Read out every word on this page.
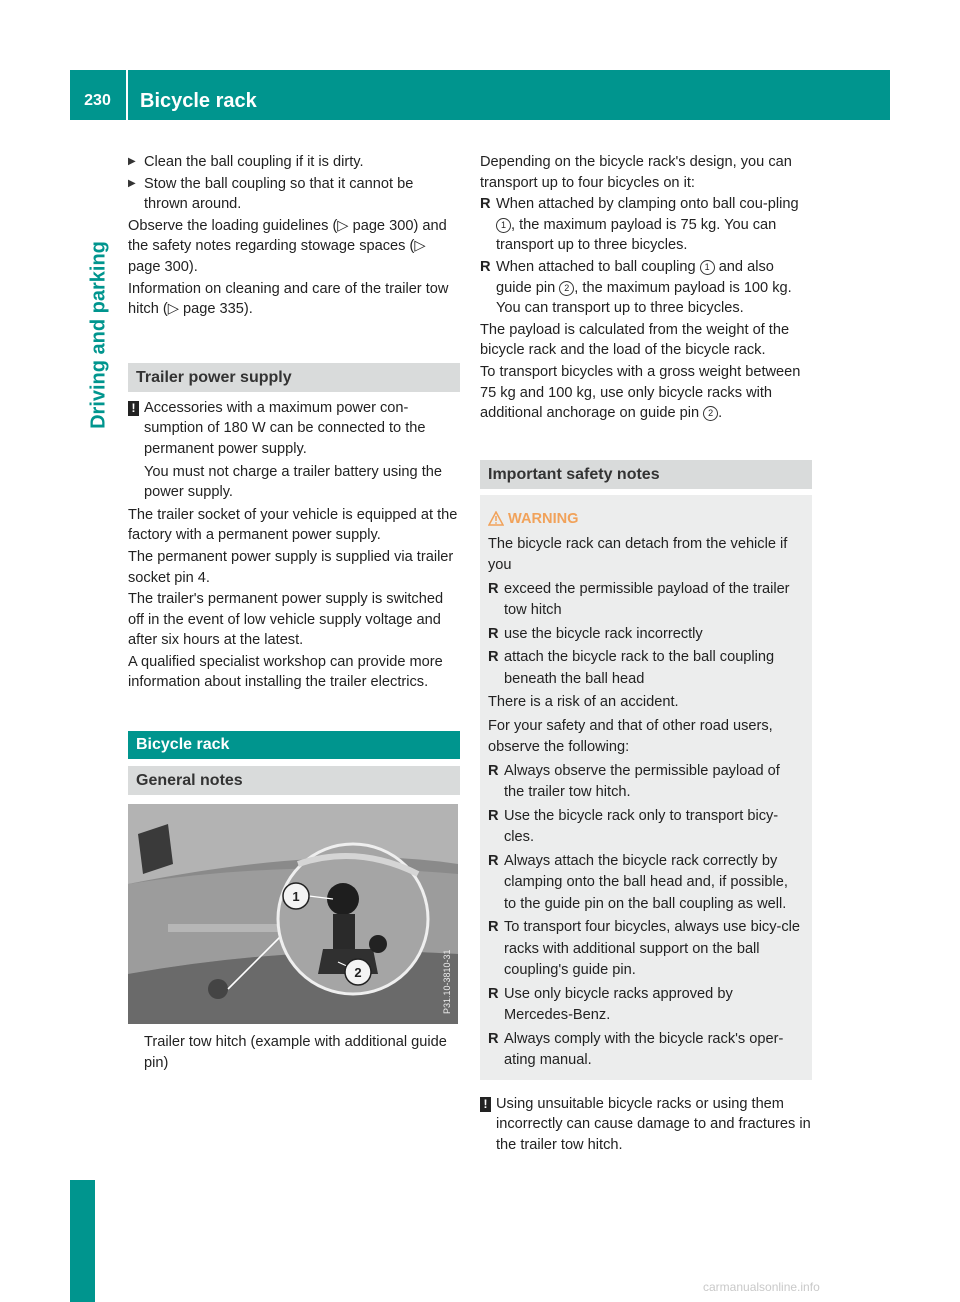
230	Bicycle rack
Driving and parking
▶ Clean the ball coupling if it is dirty.
▶ Stow the ball coupling so that it cannot be thrown around.

Observe the loading guidelines (▷ page 300) and the safety notes regarding stowage spaces (▷ page 300).

Information on cleaning and care of the trailer tow hitch (▷ page 335).

Trailer power supply
! Accessories with a maximum power con-sumption of 180 W can be connected to the permanent power supply.

You must not charge a trailer battery using the power supply.

The trailer socket of your vehicle is equipped at the factory with a permanent power supply.

The permanent power supply is supplied via trailer socket pin 4.

The trailer's permanent power supply is switched off in the event of low vehicle supply voltage and after six hours at the latest.

A qualified specialist workshop can provide more information about installing the trailer electrics.

Bicycle rack
General notes
1
2	P31.10-3810-31

Trailer tow hitch (example with additional guide pin)

Depending on the bicycle rack's design, you can transport up to four bicycles on it:

R When attached by clamping onto ball cou-pling 1 , the maximum payload is 75 kg. You can transport up to three bicycles.
R When attached to ball coupling 1 and also guide pin 2 , the maximum payload is 100 kg. You can transport up to three bicycles.

The payload is calculated from the weight of the bicycle rack and the load of the bicycle rack.

To transport bicycles with a gross weight between 75 kg and 100 kg, use only bicycle racks with additional anchorage on guide pin 2 .

Important safety notes
WARNING

The bicycle rack can detach from the vehicle if you

R exceed the permissible payload of the trailer tow hitch
R use the bicycle rack incorrectly
R attach the bicycle rack to the ball coupling beneath the ball head

There is a risk of an accident.

For your safety and that of other road users, observe the following:

R Always observe the permissible payload of the trailer tow hitch.
R Use the bicycle rack only to transport bicy-cles.
R Always attach the bicycle rack correctly by clamping onto the ball head and, if possible, to the guide pin on the ball coupling as well.
R To transport four bicycles, always use bicy-cle racks with additional support on the ball coupling's guide pin.
R Use only bicycle racks approved by Mercedes-Benz.
R Always comply with the bicycle rack's oper-ating manual.
! Using unsuitable bicycle racks or using them incorrectly can cause damage to and fractures in the trailer tow hitch.

carmanualsonline.info
